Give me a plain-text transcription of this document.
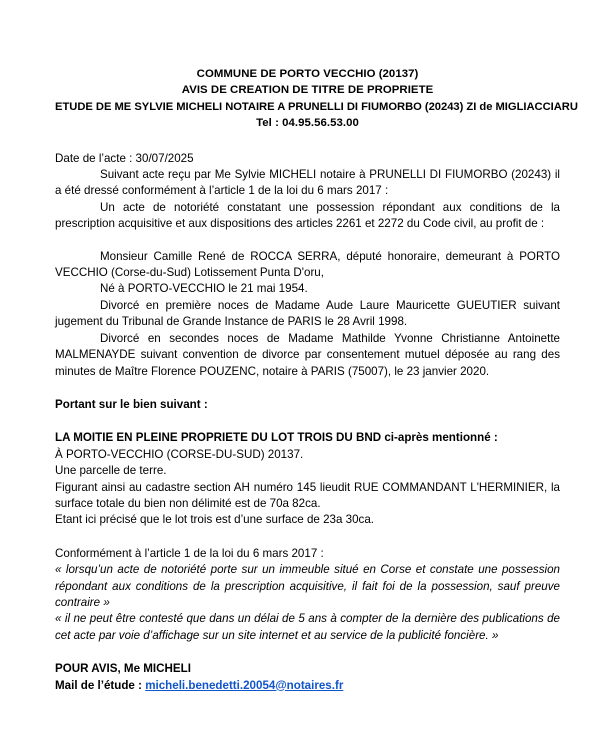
COMMUNE DE PORTO VECCHIO (20137)
AVIS DE CREATION DE TITRE DE PROPRIETE
ETUDE DE ME SYLVIE MICHELI NOTAIRE A PRUNELLI DI FIUMORBO (20243) ZI de MIGLIACCIARU
Tel : 04.95.56.53.00

Date de l’acte : 30/07/2025

Suivant acte reçu par Me Sylvie MICHELI notaire à PRUNELLI DI FIUMORBO (20243) il a été dressé conformément à l’article 1 de la loi du 6 mars 2017 :

Un acte de notoriété constatant une possession répondant aux conditions de la prescription acquisitive et aux dispositions des articles 2261 et 2272 du Code civil, au profit de :

Monsieur Camille René de ROCCA SERRA, député honoraire, demeurant à PORTO VECCHIO (Corse-du-Sud) Lotissement Punta D'oru,

Né à PORTO-VECCHIO le 21 mai 1954.

Divorcé en première noces de Madame Aude Laure Mauricette GUEUTIER suivant jugement du Tribunal de Grande Instance de PARIS le 28 Avril 1998.

Divorcé en secondes noces de Madame Mathilde Yvonne Christianne Antoinette MALMENAYDE suivant convention de divorce par consentement mutuel déposée au rang des minutes de Maître Florence POUZENC, notaire à PARIS (75007), le 23 janvier 2020.

Portant sur le bien suivant :

LA MOITIE EN PLEINE PROPRIETE DU LOT TROIS DU BND ci-après mentionné :

À PORTO-VECCHIO (CORSE-DU-SUD) 20137.

Une parcelle de terre.

Figurant ainsi au cadastre section AH numéro 145 lieudit RUE COMMANDANT L'HERMINIER, la surface totale du bien non délimité est de 70a 82ca.

Etant ici précisé que le lot trois est d’une surface de 23a 30ca.

Conformément à l’article 1 de la loi du 6 mars 2017 :

« lorsqu’un acte de notoriété porte sur un immeuble situé en Corse et constate une possession répondant aux conditions de la prescription acquisitive, il fait foi de la possession, sauf preuve contraire »

« il ne peut être contesté que dans un délai de 5 ans à compter de la dernière des publications de cet acte par voie d’affichage sur un site internet et au service de la publicité foncière. »

POUR AVIS, Me MICHELI

Mail de l’étude : micheli.benedetti.20054@notaires.fr
